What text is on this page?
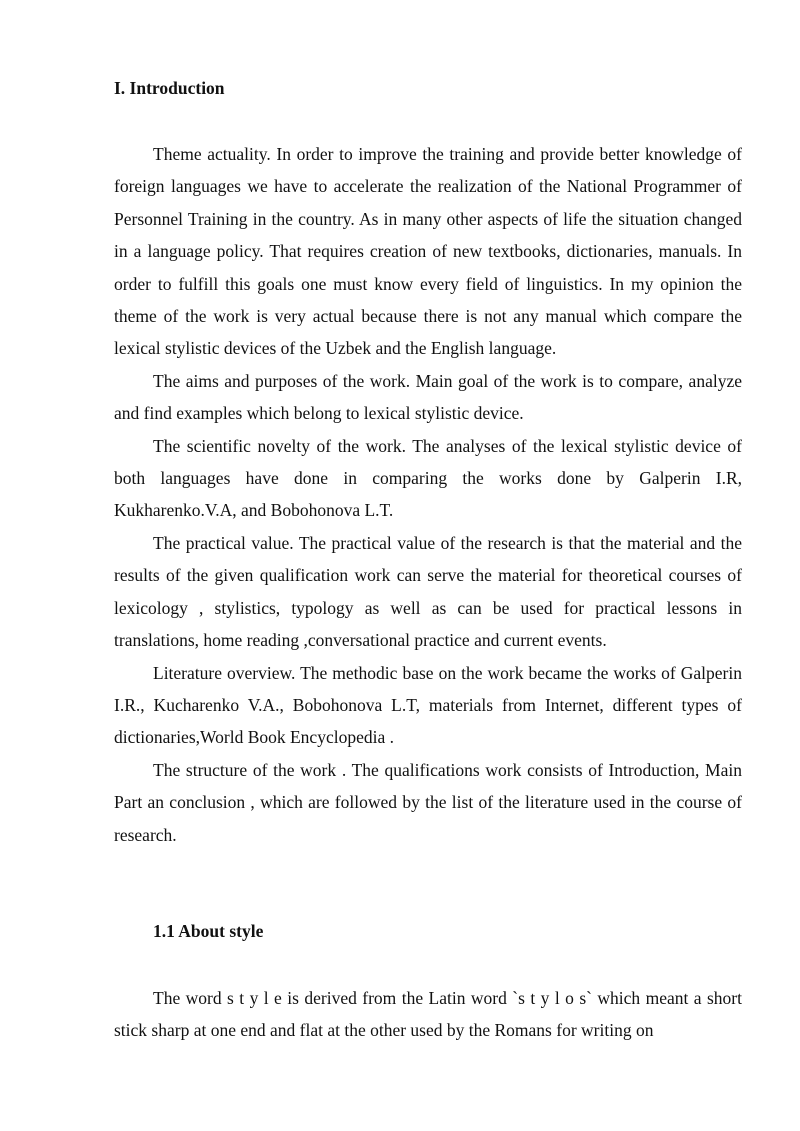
I. Introduction

Theme actuality. In order to improve the training and provide better knowledge of foreign languages we have to accelerate the realization of the National Programmer of Personnel Training in the country. As in many other aspects of life the situation changed in a language policy. That requires creation of new textbooks, dictionaries, manuals. In order to fulfill this goals one must know every field of linguistics. In my opinion the theme of the work is very actual because there is not any manual which compare the lexical stylistic devices of the Uzbek and the English language.

The aims and purposes of the work. Main goal of the work is to compare, analyze and find examples which belong to lexical stylistic device.

The scientific novelty of the work. The analyses of the lexical stylistic device of both languages have done in comparing the works done by Galperin I.R, Kukharenko.V.A, and Bobohonova L.T.

The practical value. The practical value of the research is that the material and the results of the given qualification work can serve the material for theoretical courses of lexicology , stylistics, typology as well as can be used for practical lessons in translations, home reading ,conversational practice and current events.

Literature overview. The methodic base on the work became the works of Galperin I.R., Kucharenko V.A., Bobohonova L.T, materials from Internet, different types of dictionaries,World Book Encyclopedia .

The structure of the work . The qualifications work consists of Introduction, Main Part an conclusion , which are followed by the list of the literature used in the course of research.

1.1 About style

The word s t y l e is derived from the Latin word `s t y l o s` which meant a short stick sharp at one end and flat at the other used by the Romans for writing on
